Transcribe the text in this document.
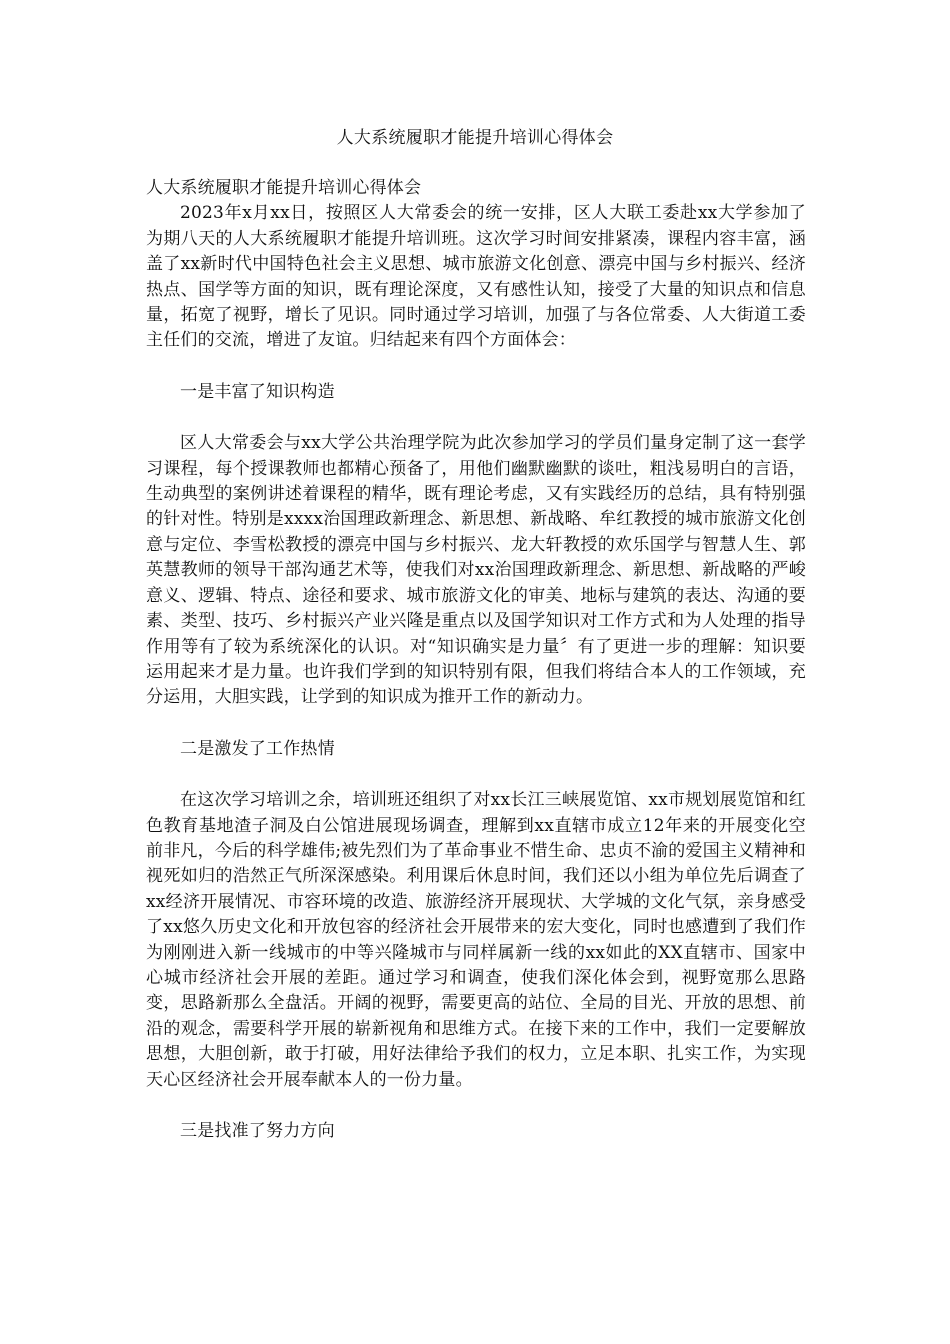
人大系统履职才能提升培训心得体会

人大系统履职才能提升培训心得体会

2023年x月xx日，按照区人大常委会的统一安排，区人大联工委赴xx大学参加了为期八天的人大系统履职才能提升培训班。这次学习时间安排紧凑，课程内容丰富，涵盖了xx新时代中国特色社会主义思想、城市旅游文化创意、漂亮中国与乡村振兴、经济热点、国学等方面的知识，既有理论深度，又有感性认知，接受了大量的知识点和信息量，拓宽了视野，增长了见识。同时通过学习培训，加强了与各位常委、人大街道工委主任们的交流，增进了友谊。归结起来有四个方面体会：

一是丰富了知识构造

区人大常委会与xx大学公共治理学院为此次参加学习的学员们量身定制了这一套学习课程，每个授课教师也都精心预备了，用他们幽默幽默的谈吐，粗浅易明白的言语，生动典型的案例讲述着课程的精华，既有理论考虑，又有实践经历的总结，具有特别强的针对性。特别是xxxx治国理政新理念、新思想、新战略、牟红教授的城市旅游文化创意与定位、李雪松教授的漂亮中国与乡村振兴、龙大轩教授的欢乐国学与智慧人生、郭英慧教师的领导干部沟通艺术等，使我们对xx治国理政新理念、新思想、新战略的严峻意义、逻辑、特点、途径和要求、城市旅游文化的审美、地标与建筑的表达、沟通的要素、类型、技巧、乡村振兴产业兴隆是重点以及国学知识对工作方式和为人处理的指导作用等有了较为系统深化的认识。对“知识确实是力量〞有了更进一步的理解：知识要运用起来才是力量。也许我们学到的知识特别有限，但我们将结合本人的工作领域，充分运用，大胆实践，让学到的知识成为推开工作的新动力。

二是激发了工作热情

在这次学习培训之余，培训班还组织了对xx长江三峡展览馆、xx市规划展览馆和红色教育基地渣子洞及白公馆进展现场调查，理解到xx直辖市成立12年来的开展变化空前非凡，今后的科学雄伟;被先烈们为了革命事业不惜生命、忠贞不渝的爱国主义精神和视死如归的浩然正气所深深感染。利用课后休息时间，我们还以小组为单位先后调查了xx经济开展情况、市容环境的改造、旅游经济开展现状、大学城的文化气氛，亲身感受了xx悠久历史文化和开放包容的经济社会开展带来的宏大变化，同时也感遭到了我们作为刚刚进入新一线城市的中等兴隆城市与同样属新一线的xx如此的XX直辖市、国家中心城市经济社会开展的差距。通过学习和调查，使我们深化体会到，视野宽那么思路变，思路新那么全盘活。开阔的视野，需要更高的站位、全局的目光、开放的思想、前沿的观念，需要科学开展的崭新视角和思维方式。在接下来的工作中，我们一定要解放思想，大胆创新，敢于打破，用好法律给予我们的权力，立足本职、扎实工作，为实现天心区经济社会开展奉献本人的一份力量。

三是找准了努力方向
